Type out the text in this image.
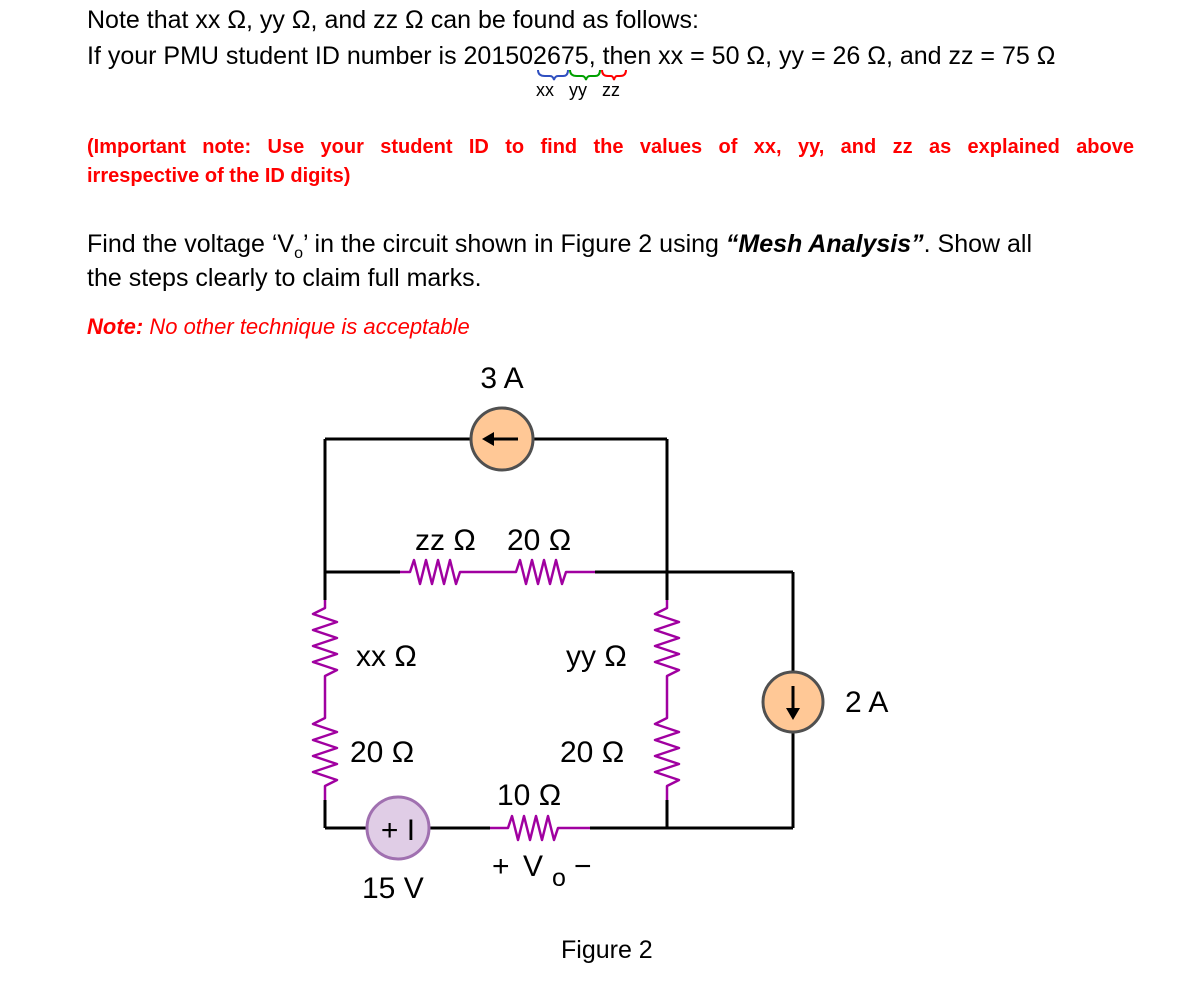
Note that xx Ω, yy Ω, and zz Ω can be found as follows:
If your PMU student ID number is 201502675, then xx = 50 Ω, yy = 26 Ω, and zz = 75 Ω
xx yy zz
(Important note: Use your student ID to find the values of xx, yy, and zz as explained above
irrespective of the ID digits)
Find the voltage ‘$V_o$’ in the circuit shown in Figure 2 using “Mesh Analysis”. Show all
the steps clearly to claim full marks.
Note: No other technique is acceptable
+ I
3 A
2 A
zz Ω 20 Ω
xx Ω
20 Ω
yy Ω
20 Ω
10 Ω
15 V
+ V o −
Figure 2
